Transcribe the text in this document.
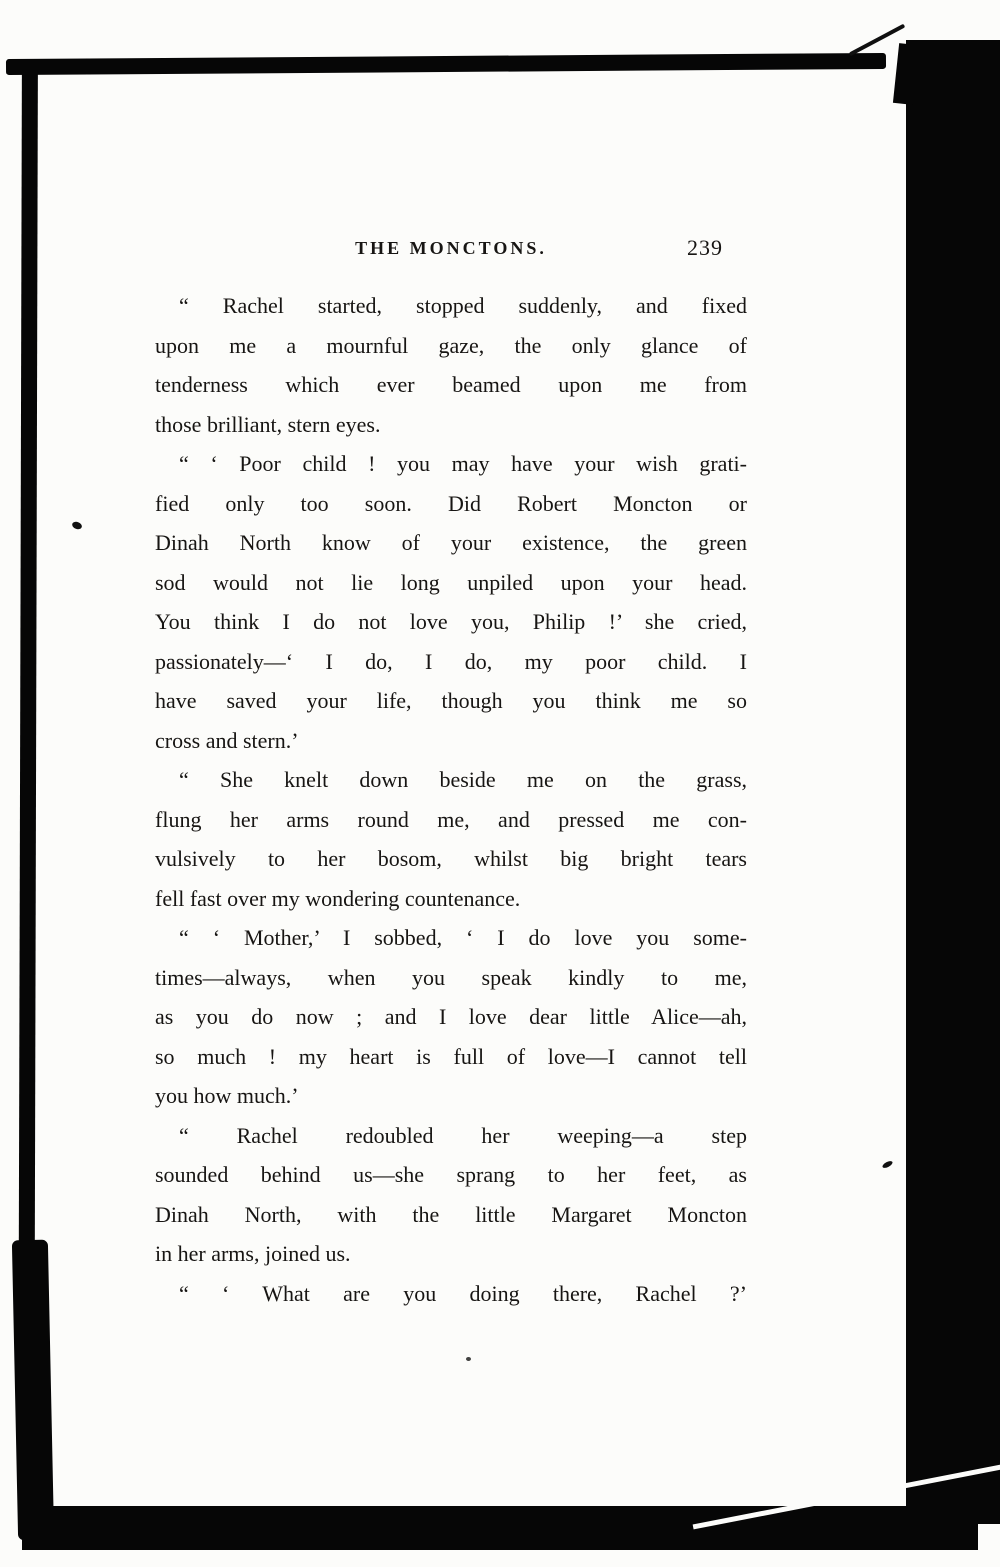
THE MONCTONS.	239
“ Rachel started, stopped suddenly, and fixed
upon me a mournful gaze, the only glance of
tenderness which ever beamed upon me from
those brilliant, stern eyes.
“ ‘ Poor child ! you may have your wish grati-
fied only too soon. Did Robert Moncton or
Dinah North know of your existence, the green
sod would not lie long unpiled upon your head.
You think I do not love you, Philip !’ she cried,
passionately—‘ I do, I do, my poor child. I
have saved your life, though you think me so
cross and stern.’
“ She knelt down beside me on the grass,
flung her arms round me, and pressed me con-
vulsively to her bosom, whilst big bright tears
fell fast over my wondering countenance.
“ ‘ Mother,’ I sobbed, ‘ I do love you some-
times—always, when you speak kindly to me,
as you do now ; and I love dear little Alice—ah,
so much ! my heart is full of love—I cannot tell
you how much.’
“ Rachel redoubled her weeping—a step
sounded behind us—she sprang to her feet, as
Dinah North, with the little Margaret Moncton
in her arms, joined us.
“ ‘ What are you doing there, Rachel ?’
